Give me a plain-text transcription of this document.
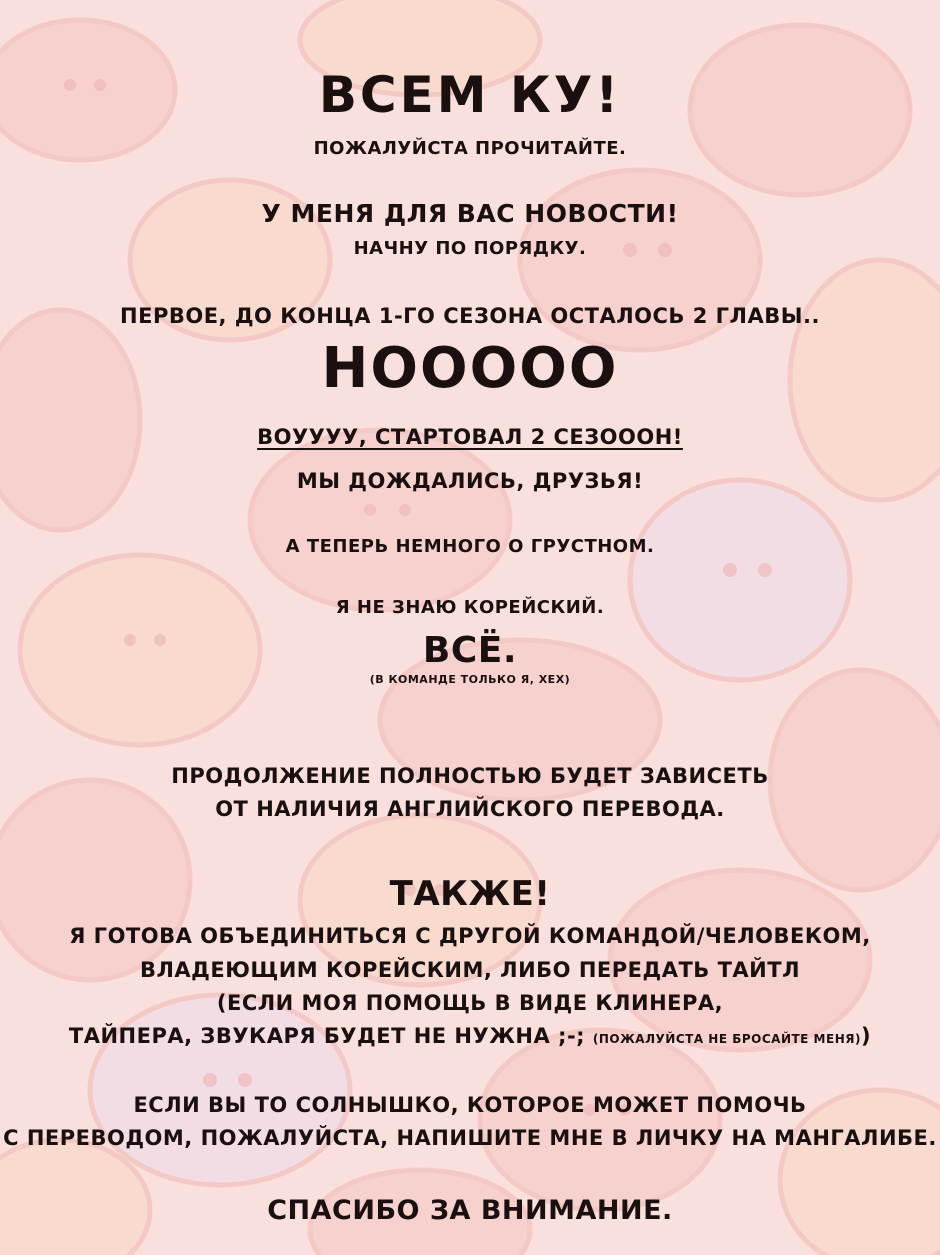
ВСЕМ КУ!
ПОЖАЛУЙСТА ПРОЧИТАЙТЕ.
У МЕНЯ ДЛЯ ВАС НОВОСТИ!
НАЧНУ ПО ПОРЯДКУ.
ПЕРВОЕ, ДО КОНЦА 1-ГО СЕЗОНА ОСТАЛОСЬ 2 ГЛАВЫ..
НООООО
ВОУУУУ, СТАРТОВАЛ 2 СЕЗОООН!
МЫ ДОЖДАЛИСЬ, ДРУЗЬЯ!
А ТЕПЕРЬ НЕМНОГО О ГРУСТНОМ.
Я НЕ ЗНАЮ КОРЕЙСКИЙ.
ВСЁ.
(В КОМАНДЕ ТОЛЬКО Я, ХЕХ)
ПРОДОЛЖЕНИЕ ПОЛНОСТЬЮ БУДЕТ ЗАВИСЕТЬ
ОТ НАЛИЧИЯ АНГЛИЙСКОГО ПЕРЕВОДА.
ТАКЖЕ!
Я ГОТОВА ОБЪЕДИНИТЬСЯ С ДРУГОЙ КОМАНДОЙ/ЧЕЛОВЕКОМ,
ВЛАДЕЮЩИМ КОРЕЙСКИМ, ЛИБО ПЕРЕДАТЬ ТАЙТЛ
(ЕСЛИ МОЯ ПОМОЩЬ В ВИДЕ КЛИНЕРА,
ТАЙПЕРА, ЗВУКАРЯ БУДЕТ НЕ НУЖНА ;-; (ПОЖАЛУЙСТА НЕ БРОСАЙТЕ МЕНЯ))
ЕСЛИ ВЫ ТО СОЛНЫШКО, КОТОРОЕ МОЖЕТ ПОМОЧЬ
С ПЕРЕВОДОМ, ПОЖАЛУЙСТА, НАПИШИТЕ МНЕ В ЛИЧКУ НА МАНГАЛИБЕ.
СПАСИБО ЗА ВНИМАНИЕ.
